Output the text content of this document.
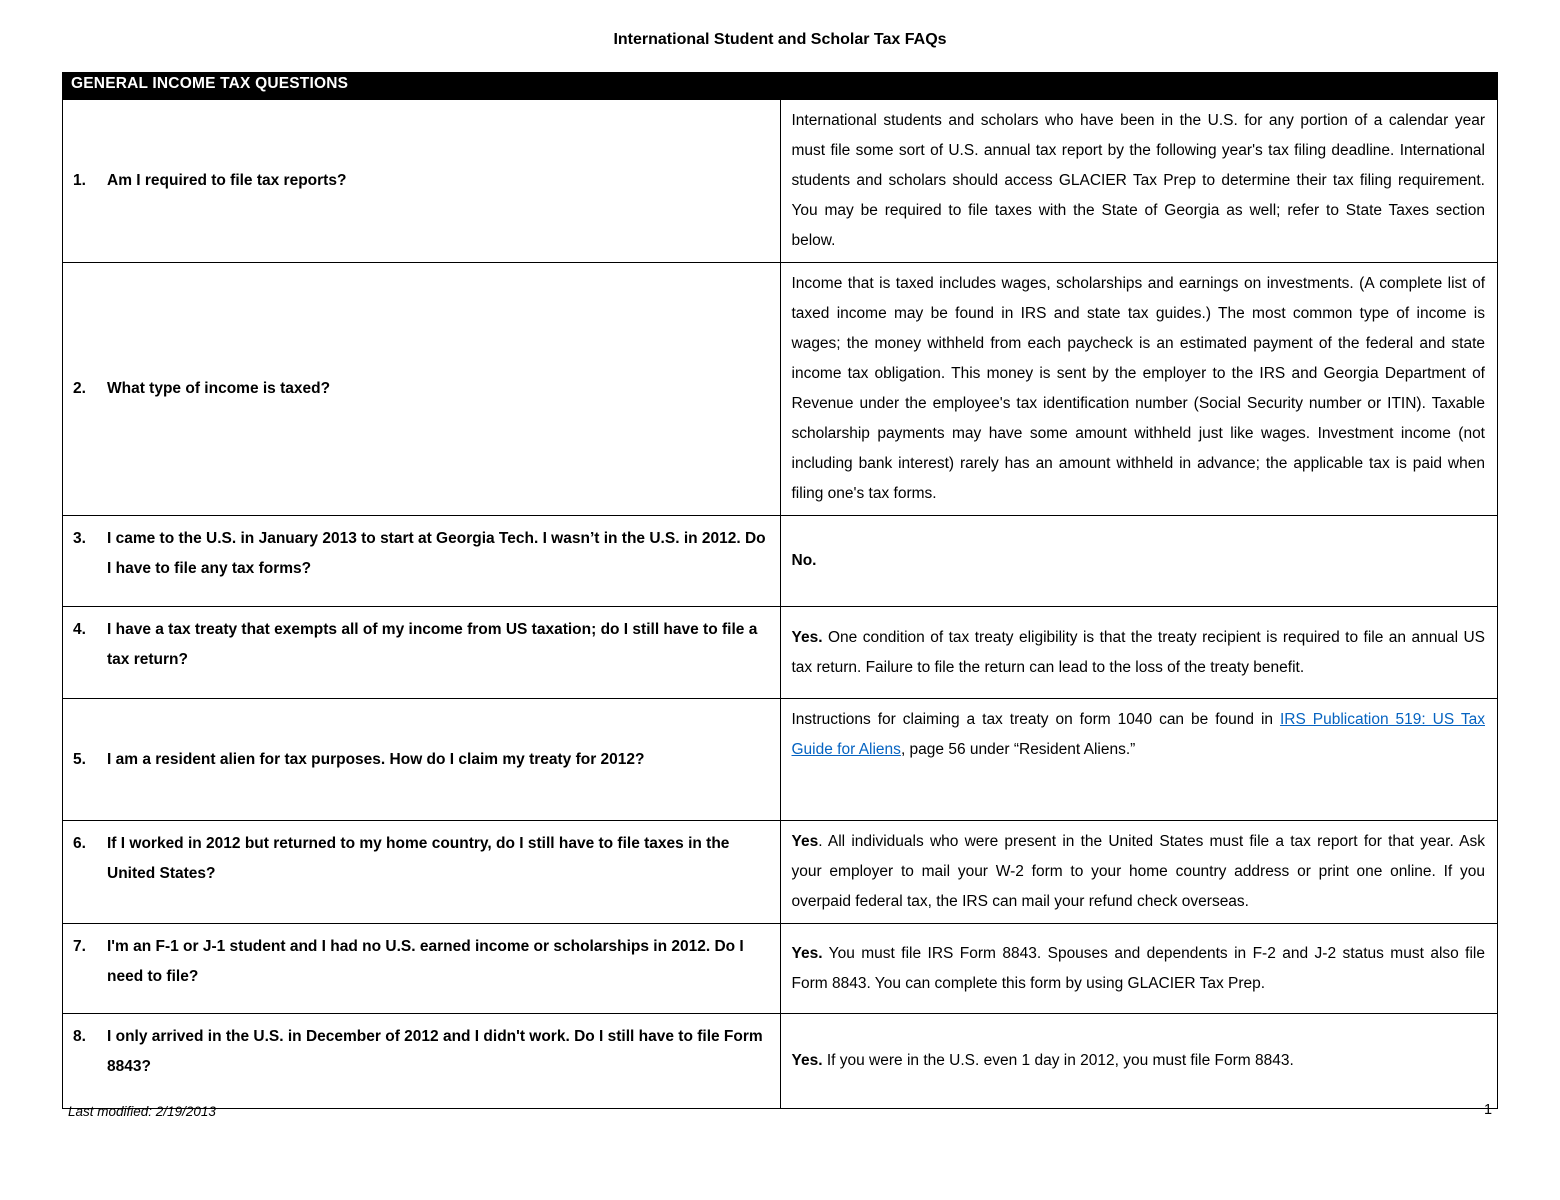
International Student and Scholar Tax FAQs
GENERAL INCOME TAX QUESTIONS	

1. Am I required to file tax reports?	International students and scholars who have been in the U.S. for any portion of a calendar year must file some sort of U.S. annual tax report by the following year's tax filing deadline. International students and scholars should access GLACIER Tax Prep to determine their tax filing requirement. You may be required to file taxes with the State of Georgia as well; refer to State Taxes section below.

2. What type of income is taxed?	Income that is taxed includes wages, scholarships and earnings on investments. (A complete list of taxed income may be found in IRS and state tax guides.) The most common type of income is wages; the money withheld from each paycheck is an estimated payment of the federal and state income tax obligation. This money is sent by the employer to the IRS and Georgia Department of Revenue under the employee's tax identification number (Social Security number or ITIN). Taxable scholarship payments may have some amount withheld just like wages. Investment income (not including bank interest) rarely has an amount withheld in advance; the applicable tax is paid when filing one's tax forms.

3. I came to the U.S. in January 2013 to start at Georgia Tech. I wasn’t in the U.S. in 2012. Do I have to file any tax forms?	No.

4. I have a tax treaty that exempts all of my income from US taxation; do I still have to file a tax return?	Yes. One condition of tax treaty eligibility is that the treaty recipient is required to file an annual US tax return. Failure to file the return can lead to the loss of the treaty benefit.

5. I am a resident alien for tax purposes. How do I claim my treaty for 2012?	Instructions for claiming a tax treaty on form 1040 can be found in IRS Publication 519: US Tax Guide for Aliens, page 56 under “Resident Aliens.”

6. If I worked in 2012 but returned to my home country, do I still have to file taxes in the United States?	Yes. All individuals who were present in the United States must file a tax report for that year. Ask your employer to mail your W-2 form to your home country address or print one online. If you overpaid federal tax, the IRS can mail your refund check overseas.

7. I'm an F-1 or J-1 student and I had no U.S. earned income or scholarships in 2012. Do I need to file?	Yes. You must file IRS Form 8843. Spouses and dependents in F-2 and J-2 status must also file Form 8843. You can complete this form by using GLACIER Tax Prep.

8. I only arrived in the U.S. in December of 2012 and I didn't work. Do I still have to file Form 8843?	Yes. If you were in the U.S. even 1 day in 2012, you must file Form 8843.
Last modified: 2/19/2013	1
